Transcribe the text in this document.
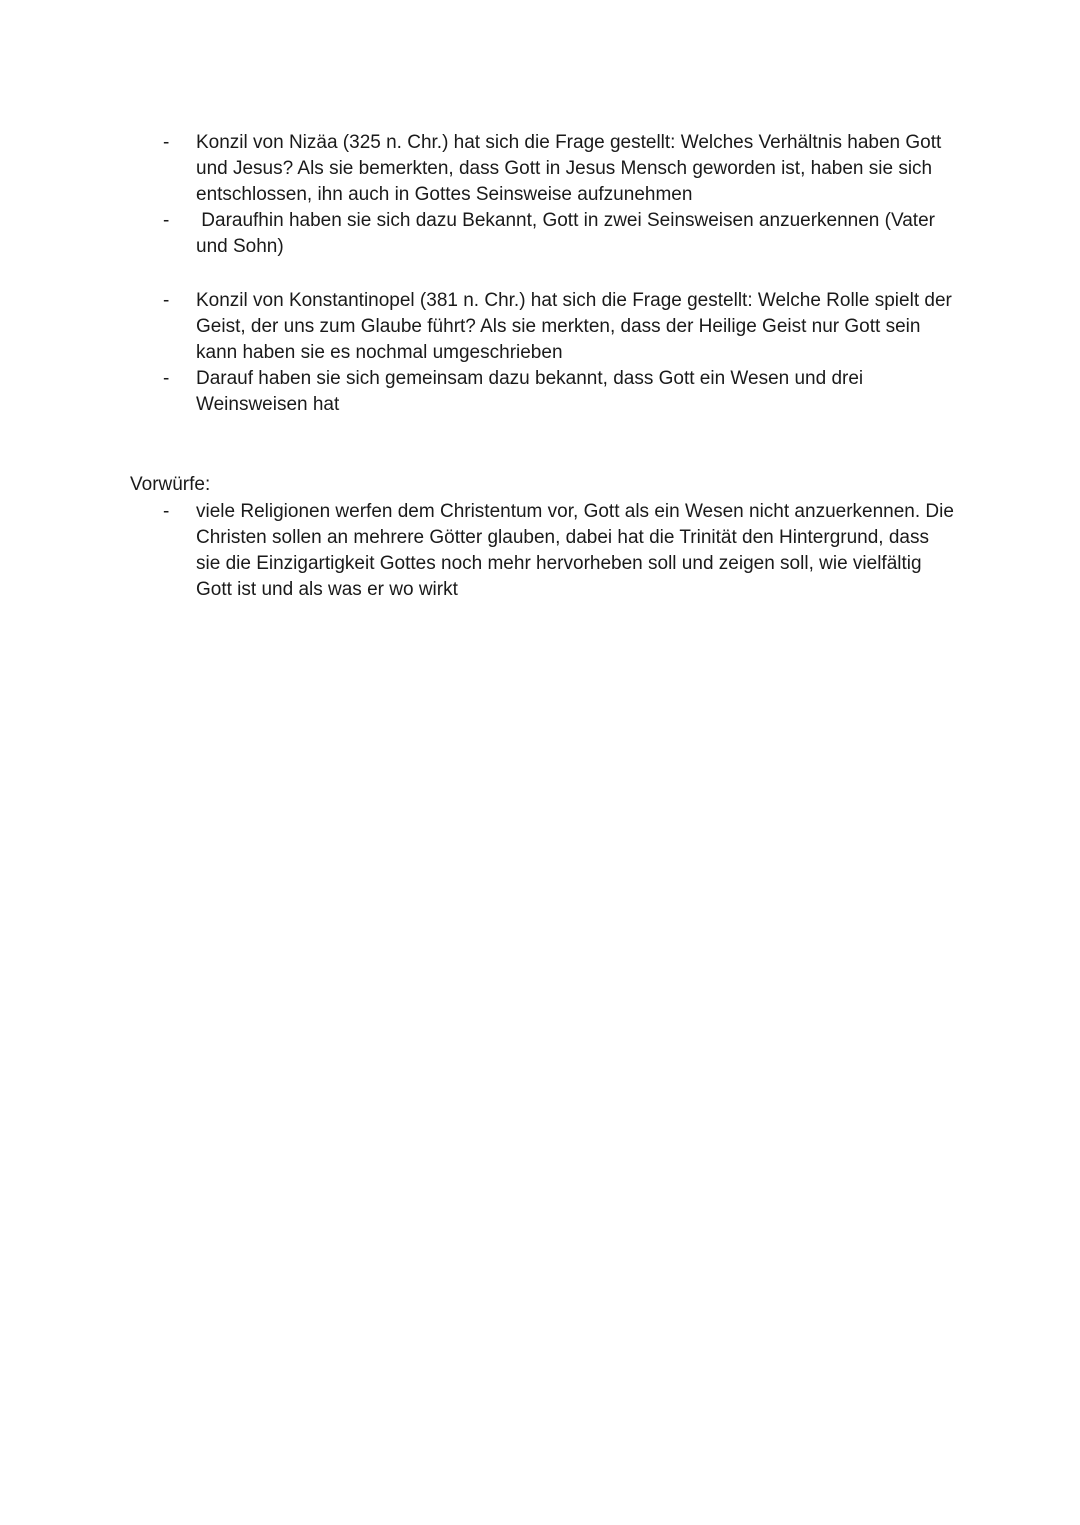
- Konzil von Nizäa (325 n. Chr.) hat sich die Frage gestellt: Welches Verhältnis haben Gott und Jesus? Als sie bemerkten, dass Gott in Jesus Mensch geworden ist, haben sie sich entschlossen, ihn auch in Gottes Seinsweise aufzunehmen
- Daraufhin haben sie sich dazu Bekannt, Gott in zwei Seinsweisen anzuerkennen (Vater und Sohn)
- Konzil von Konstantinopel (381 n. Chr.) hat sich die Frage gestellt: Welche Rolle spielt der Geist, der uns zum Glaube führt? Als sie merkten, dass der Heilige Geist nur Gott sein kann haben sie es nochmal umgeschrieben
- Darauf haben sie sich gemeinsam dazu bekannt, dass Gott ein Wesen und drei Weinsweisen hat

Vorwürfe:

- viele Religionen werfen dem Christentum vor, Gott als ein Wesen nicht anzuerkennen. Die Christen sollen an mehrere Götter glauben, dabei hat die Trinität den Hintergrund, dass sie die Einzigartigkeit Gottes noch mehr hervorheben soll und zeigen soll, wie vielfältig Gott ist und als was er wo wirkt
